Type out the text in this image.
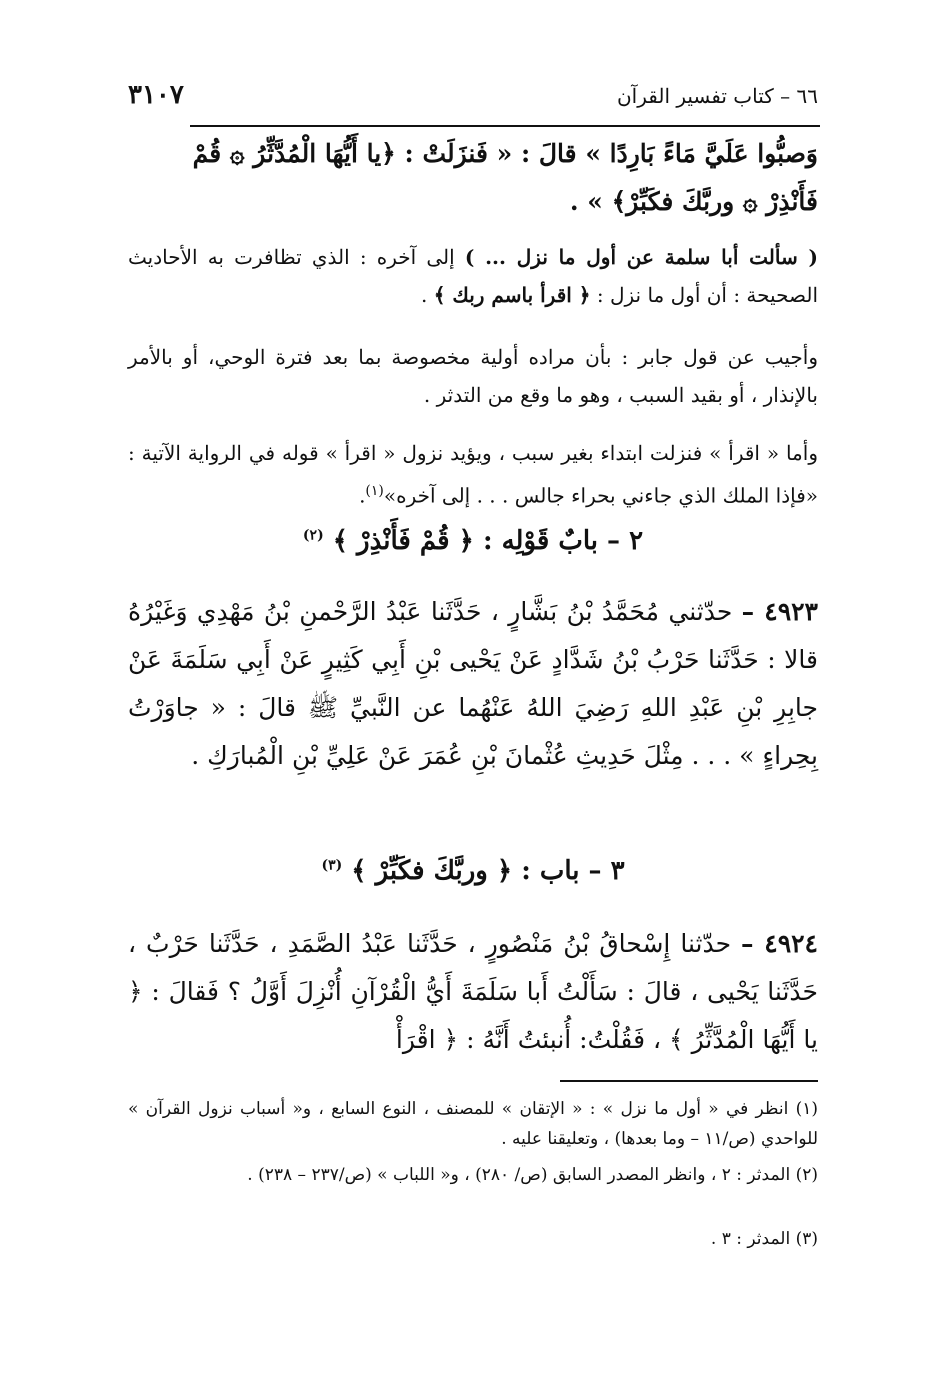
٦٦ – كتاب تفسير القرآن
٣١٠٧
وَصبُّوا عَلَيَّ مَاءً بَارِدًا » قالَ : « فَنزَلَتْ : ﴿يا أَيُّهَا الْمُدَّثِّرُ ۞ قُمْ
فَأَنْذِرْ ۞ وربَّكَ فكَبِّرْ﴾ » .
( سألت أبا سلمة عن أول ما نزل ... ) إلى آخره : الذي تظافرت به الأحاديث الصحيحة : أن أول ما نزل : ﴿ اقرأ باسم ربك ﴾ .
وأجيب عن قول جابر : بأن مراده أولية مخصوصة بما بعد فترة الوحي، أو بالأمر بالإنذار ، أو بقيد السبب ، وهو ما وقع من التدثر .
وأما « اقرأ » فنزلت ابتداء بغير سبب ، ويؤيد نزول « اقرأ » قوله في الرواية الآتية : «فإذا الملك الذي جاءني بحراء جالس . . . إلى آخره»$^{(١)}$.
٢ – بابٌ قَوْلِه : ﴿ قُمْ فَأَنْذِرْ ﴾ $^{(٢)}$
٤٩٢٣ – حدّثني مُحَمَّدُ بْنُ بَشَّارٍ ، حَدَّثَنا عَبْدُ الرَّحْمنِ بْنُ مَهْدِي وَغَيْرُهُ قالا : حَدَّثَنا حَرْبُ بْنُ شَدَّادٍ عَنْ يَحْيى بْنِ أَبِي كَثِيرٍ عَنْ أَبِي سَلَمَةَ عَنْ جابِرِ بْنِ عَبْدِ اللهِ رَضِيَ اللهُ عَنْهُما عن النَّبيِّ ﷺ قالَ : « جاوَرْتُ بِحِراءٍ » . . . مِثْلَ حَدِيثِ عُثْمانَ بْنِ عُمَرَ عَنْ عَلِيِّ بْنِ الْمُبارَكِ .
٣ – باب : ﴿ وربَّكَ فكَبِّرْ ﴾ $^{(٣)}$
٤٩٢٤ – حدّثنا إِسْحاقُ بْنُ مَنْصُورٍ ، حَدَّثَنا عَبْدُ الصَّمَدِ ، حَدَّثَنا حَرْبٌ ، حَدَّثَنا يَحْيى ، قالَ : سَأَلْتُ أَبا سَلَمَةَ أَيُّ الْقُرْآنِ أُنْزِلَ أَوَّلُ ؟ فَقالَ : ﴿ يا أَيُّهَا الْمُدَّثِّرُ ﴾ ، فَقُلْتُ: أُنبئتُ أَنَّهُ : ﴿ اقْرَأْ
(١) انظر في « أول ما نزل » : « الإتقان » للمصنف ، النوع السابع ، و« أسباب نزول القرآن » للواحدي (ص/١١ – وما بعدها) ، وتعليقنا عليه .
(٢) المدثر : ٢ ، وانظر المصدر السابق (ص/ ٢٨٠) ، و« اللباب » (ص/٢٣٧ – ٢٣٨) .
(٣) المدثر : ٣ .
